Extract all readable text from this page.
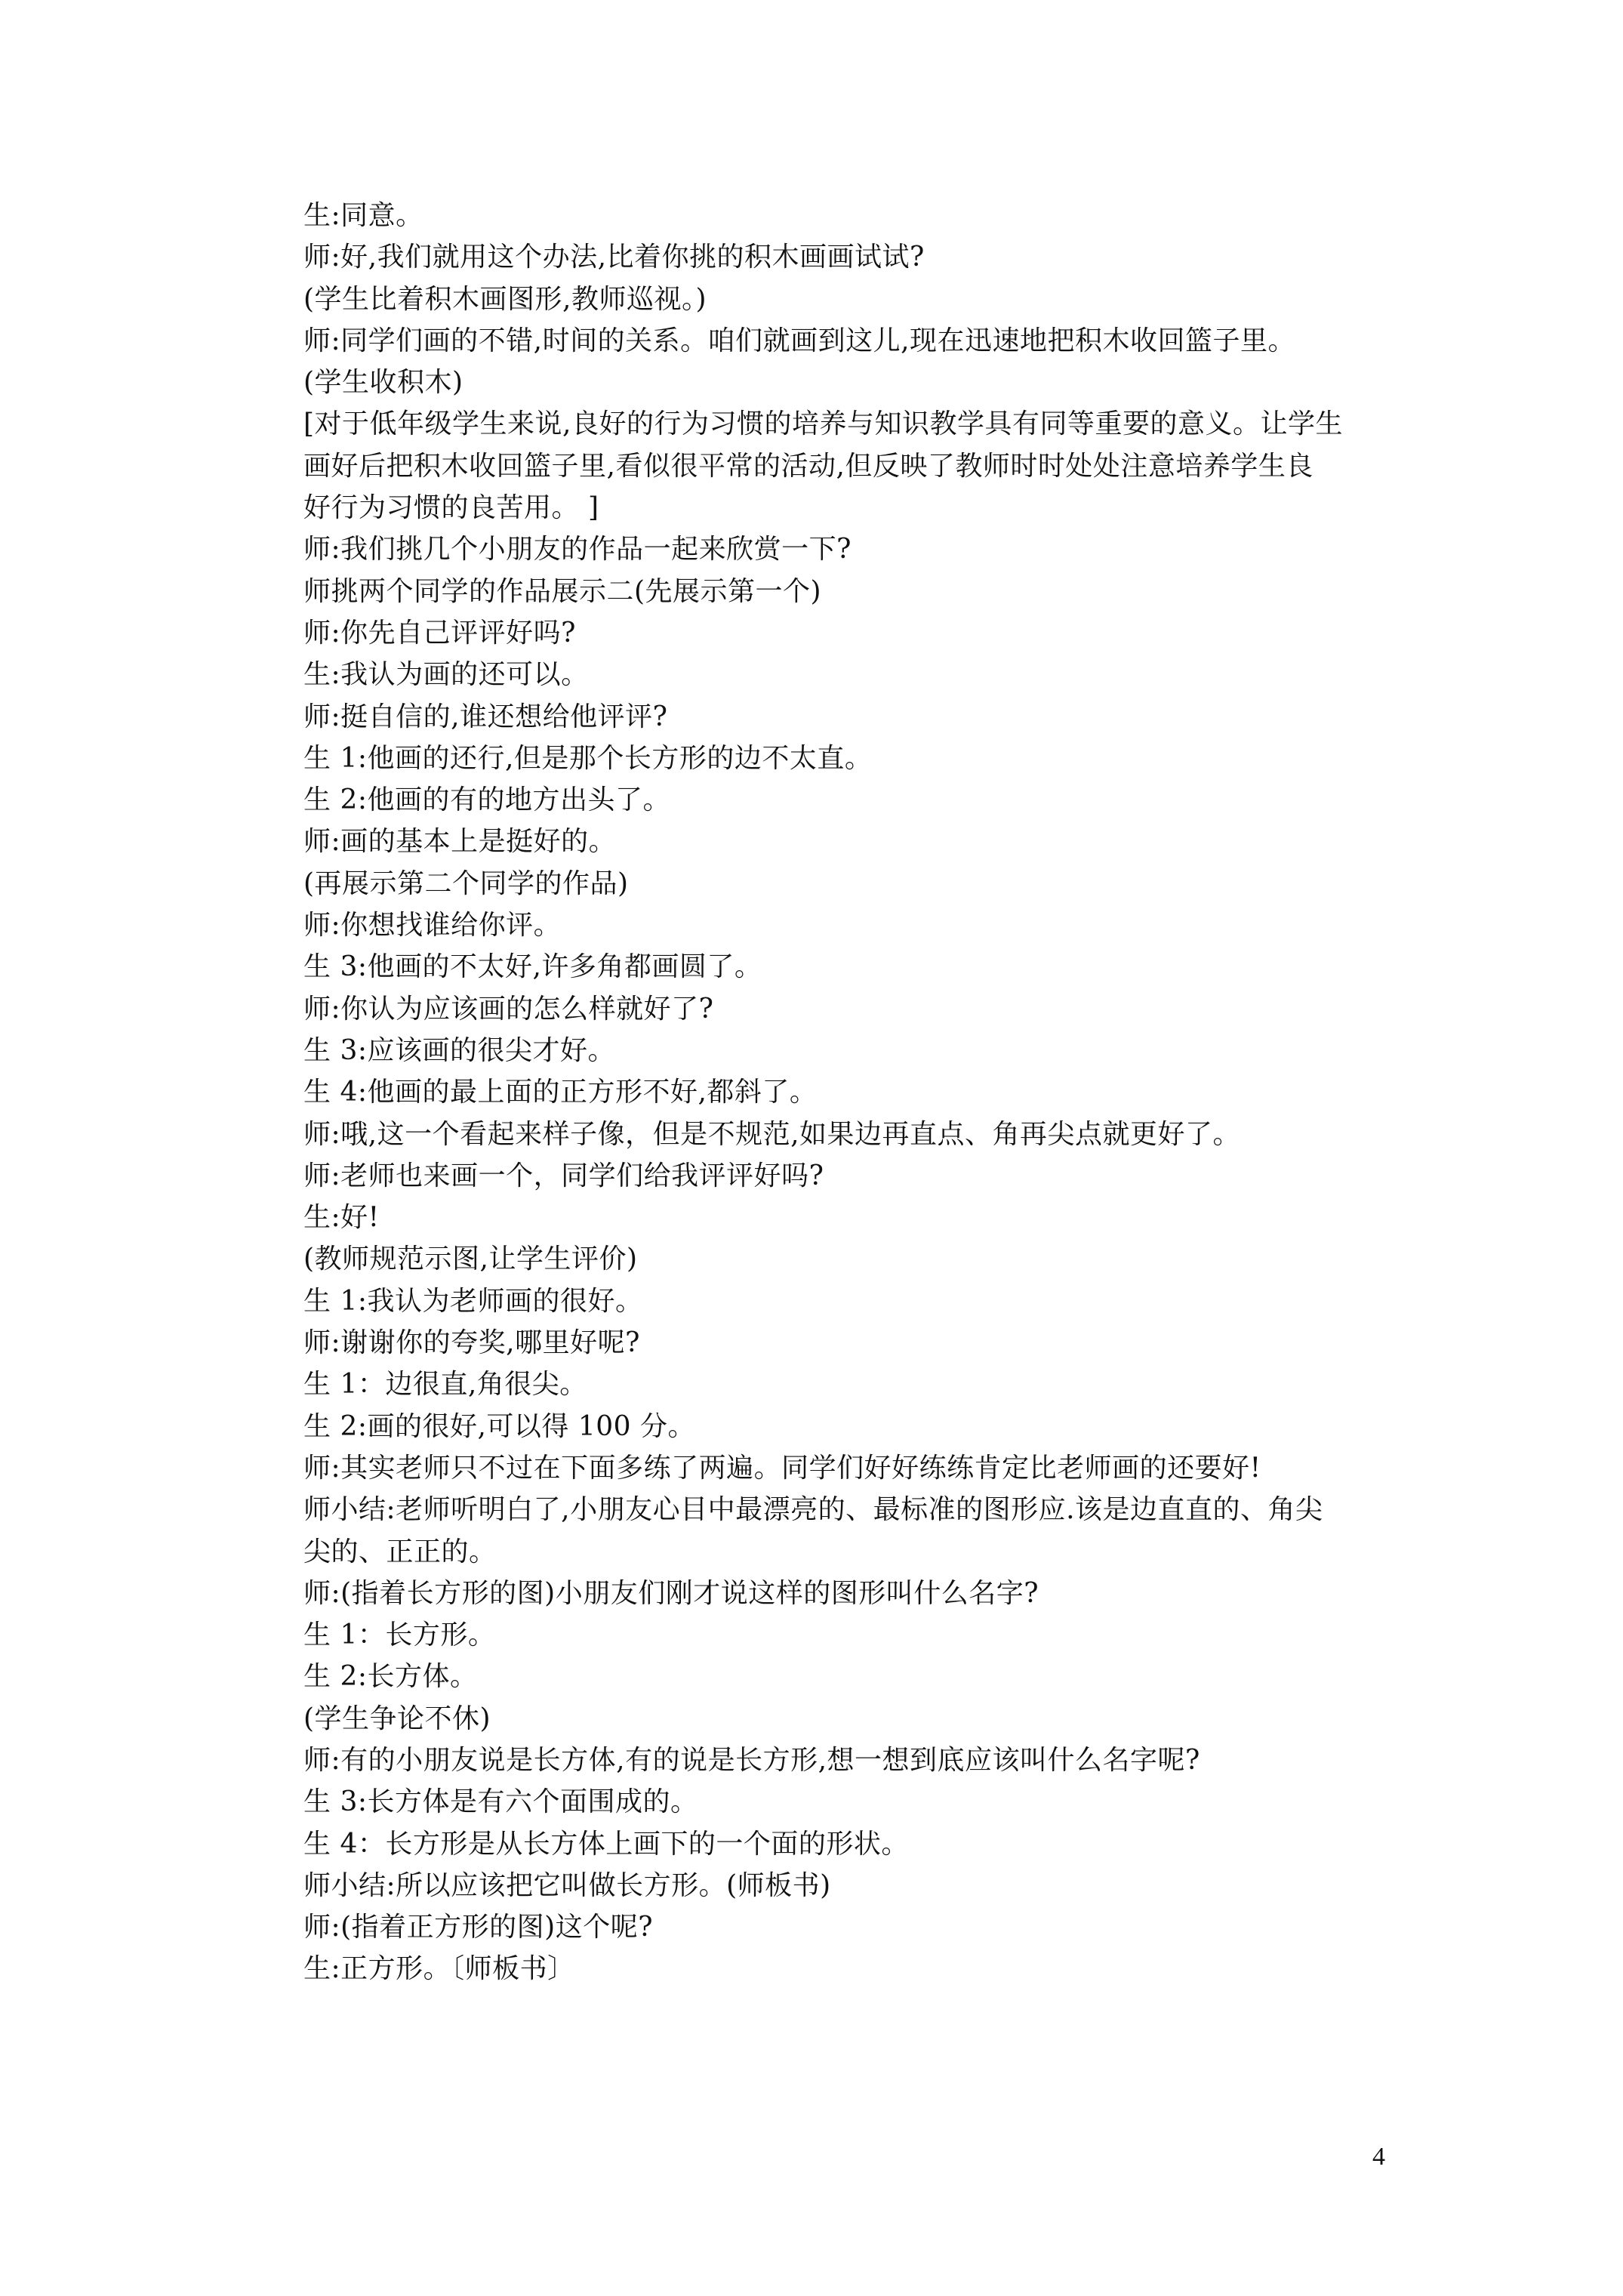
生:同意。
师:好,我们就用这个办法,比着你挑的积木画画试试?
(学生比着积木画图形,教师巡视。)
师:同学们画的不错,时间的关系。咱们就画到这儿,现在迅速地把积木收回篮子里。
(学生收积木)
[对于低年级学生来说,良好的行为习惯的培养与知识教学具有同等重要的意义。让学生
画好后把积木收回篮子里,看似很平常的活动,但反映了教师时时处处注意培养学生良
好行为习惯的良苦用。 ]
师:我们挑几个小朋友的作品一起来欣赏一下?
师挑两个同学的作品展示二(先展示第一个)
师:你先自己评评好吗?
生:我认为画的还可以。
师:挺自信的,谁还想给他评评?
生 1:他画的还行,但是那个长方形的边不太直。
生 2:他画的有的地方出头了。
师:画的基本上是挺好的。
(再展示第二个同学的作品)
师:你想找谁给你评。
生 3:他画的不太好,许多角都画圆了。
师:你认为应该画的怎么样就好了?
生 3:应该画的很尖才好。
生 4:他画的最上面的正方形不好,都斜了。
师:哦,这一个看起来样子像，但是不规范,如果边再直点、角再尖点就更好了。
师:老师也来画一个，同学们给我评评好吗?
生:好!
(教师规范示图,让学生评价)
生 1:我认为老师画的很好。
师:谢谢你的夸奖,哪里好呢?
生 1：边很直,角很尖。
生 2:画的很好,可以得 100 分。
师:其实老师只不过在下面多练了两遍。同学们好好练练肯定比老师画的还要好!
师小结:老师听明白了,小朋友心目中最漂亮的、最标准的图形应.该是边直直的、角尖
尖的、正正的。
师:(指着长方形的图)小朋友们刚才说这样的图形叫什么名字?
生 1：长方形。
生 2:长方体。
(学生争论不休)
师:有的小朋友说是长方体,有的说是长方形,想一想到底应该叫什么名字呢?
生 3:长方体是有六个面围成的。
生 4：长方形是从长方体上画下的一个面的形状。
师小结:所以应该把它叫做长方形。(师板书)
师:(指着正方形的图)这个呢?
生:正方形。〔师板书〕
4
